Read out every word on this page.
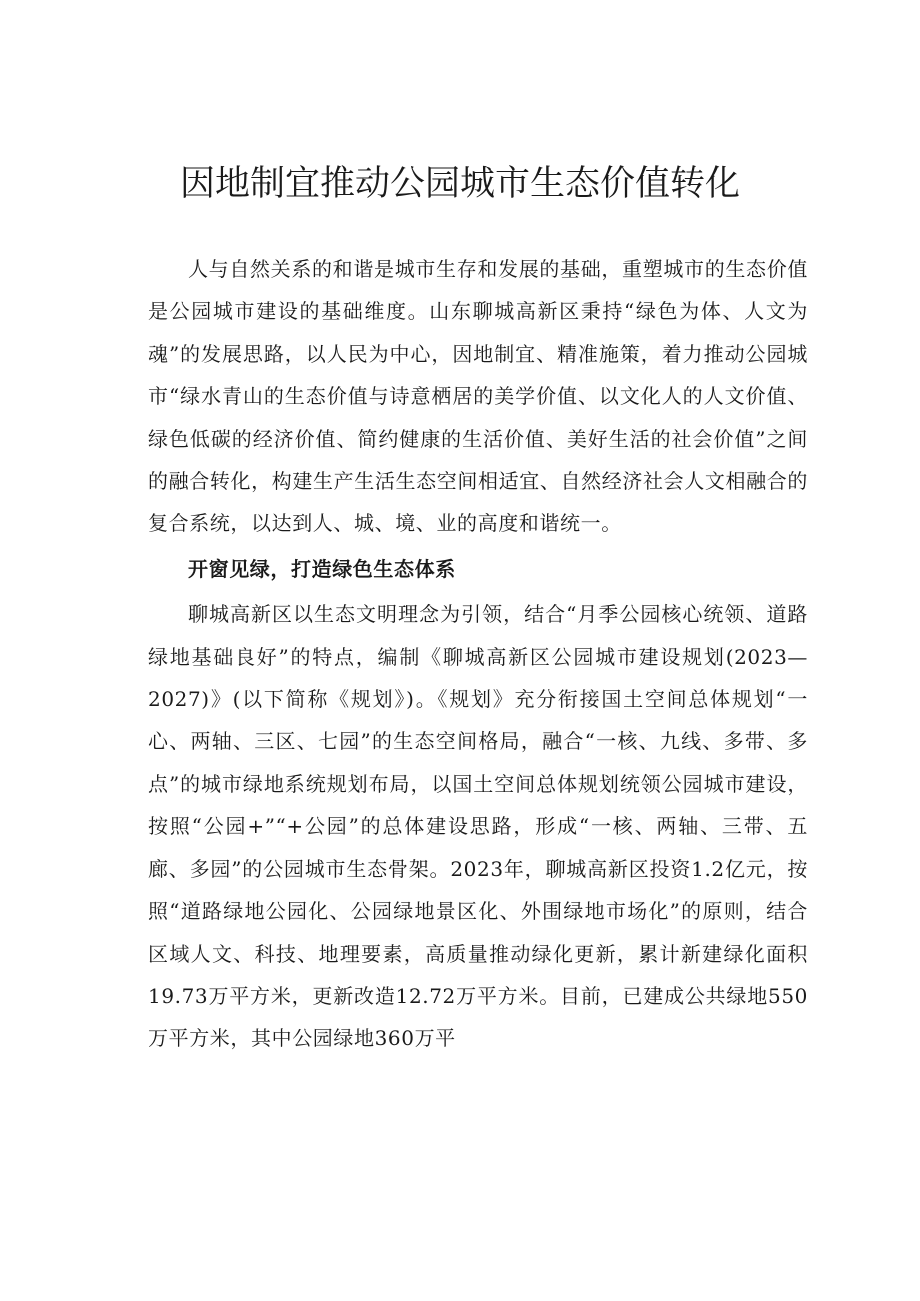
因地制宜推动公园城市生态价值转化

人与自然关系的和谐是城市生存和发展的基础，重塑城市的生态价值是公园城市建设的基础维度。山东聊城高新区秉持“绿色为体、人文为魂”的发展思路，以人民为中心，因地制宜、精准施策，着力推动公园城市“绿水青山的生态价值与诗意栖居的美学价值、以文化人的人文价值、绿色低碳的经济价值、简约健康的生活价值、美好生活的社会价值”之间的融合转化，构建生产生活生态空间相适宜、自然经济社会人文相融合的复合系统，以达到人、城、境、业的高度和谐统一。

开窗见绿，打造绿色生态体系

聊城高新区以生态文明理念为引领，结合“月季公园核心统领、道路绿地基础良好”的特点，编制《聊城高新区公园城市建设规划(2023—2027)》(以下简称《规划》)。《规划》充分衔接国土空间总体规划“一心、两轴、三区、七园”的生态空间格局，融合“一核、九线、多带、多点”的城市绿地系统规划布局，以国土空间总体规划统领公园城市建设，按照“公园+”“+公园”的总体建设思路，形成“一核、两轴、三带、五廊、多园”的公园城市生态骨架。2023年，聊城高新区投资1.2亿元，按照“道路绿地公园化、公园绿地景区化、外围绿地市场化”的原则，结合区域人文、科技、地理要素，高质量推动绿化更新，累计新建绿化面积19.73万平方米，更新改造12.72万平方米。目前，已建成公共绿地550万平方米，其中公园绿地360万平
